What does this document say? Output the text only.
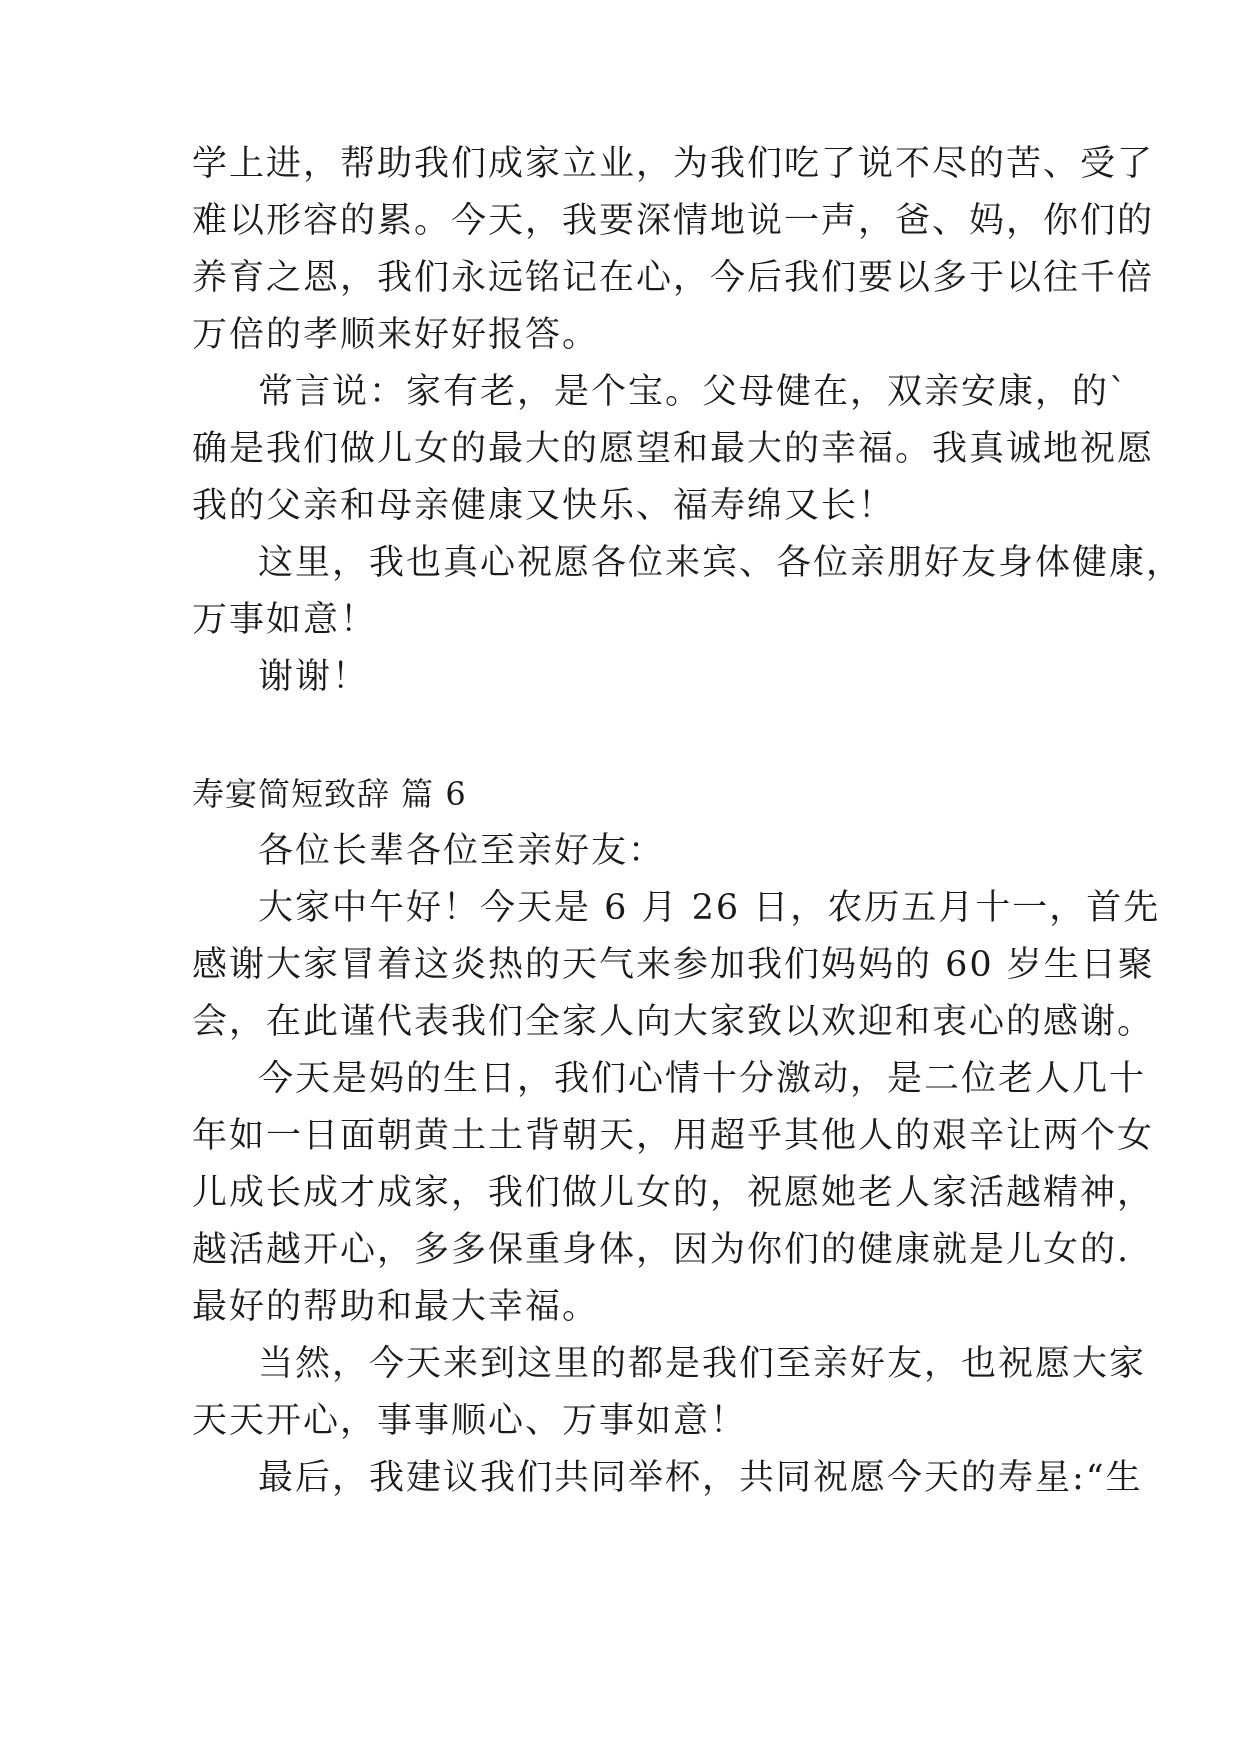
学上进，帮助我们成家立业，为我们吃了说不尽的苦、受了
难以形容的累。今天，我要深情地说一声，爸、妈，你们的
养育之恩，我们永远铭记在心，今后我们要以多于以往千倍
万倍的孝顺来好好报答。
常言说：家有老，是个宝。父母健在，双亲安康，的`
确是我们做儿女的最大的愿望和最大的幸福。我真诚地祝愿
我的父亲和母亲健康又快乐、福寿绵又长！
这里，我也真心祝愿各位来宾、各位亲朋好友身体健康，
万事如意！
谢谢！
寿宴简短致辞 篇 6
各位长辈各位至亲好友：
大家中午好！今天是 6 月 26 日，农历五月十一，首先
感谢大家冒着这炎热的天气来参加我们妈妈的 60 岁生日聚
会，在此谨代表我们全家人向大家致以欢迎和衷心的感谢。
今天是妈的生日，我们心情十分激动，是二位老人几十
年如一日面朝黄土土背朝天，用超乎其他人的艰辛让两个女
儿成长成才成家，我们做儿女的，祝愿她老人家活越精神，
越活越开心，多多保重身体，因为你们的健康就是儿女的.
最好的帮助和最大幸福。
当然，今天来到这里的都是我们至亲好友，也祝愿大家
天天开心，事事顺心、万事如意！
最后，我建议我们共同举杯，共同祝愿今天的寿星:“生
